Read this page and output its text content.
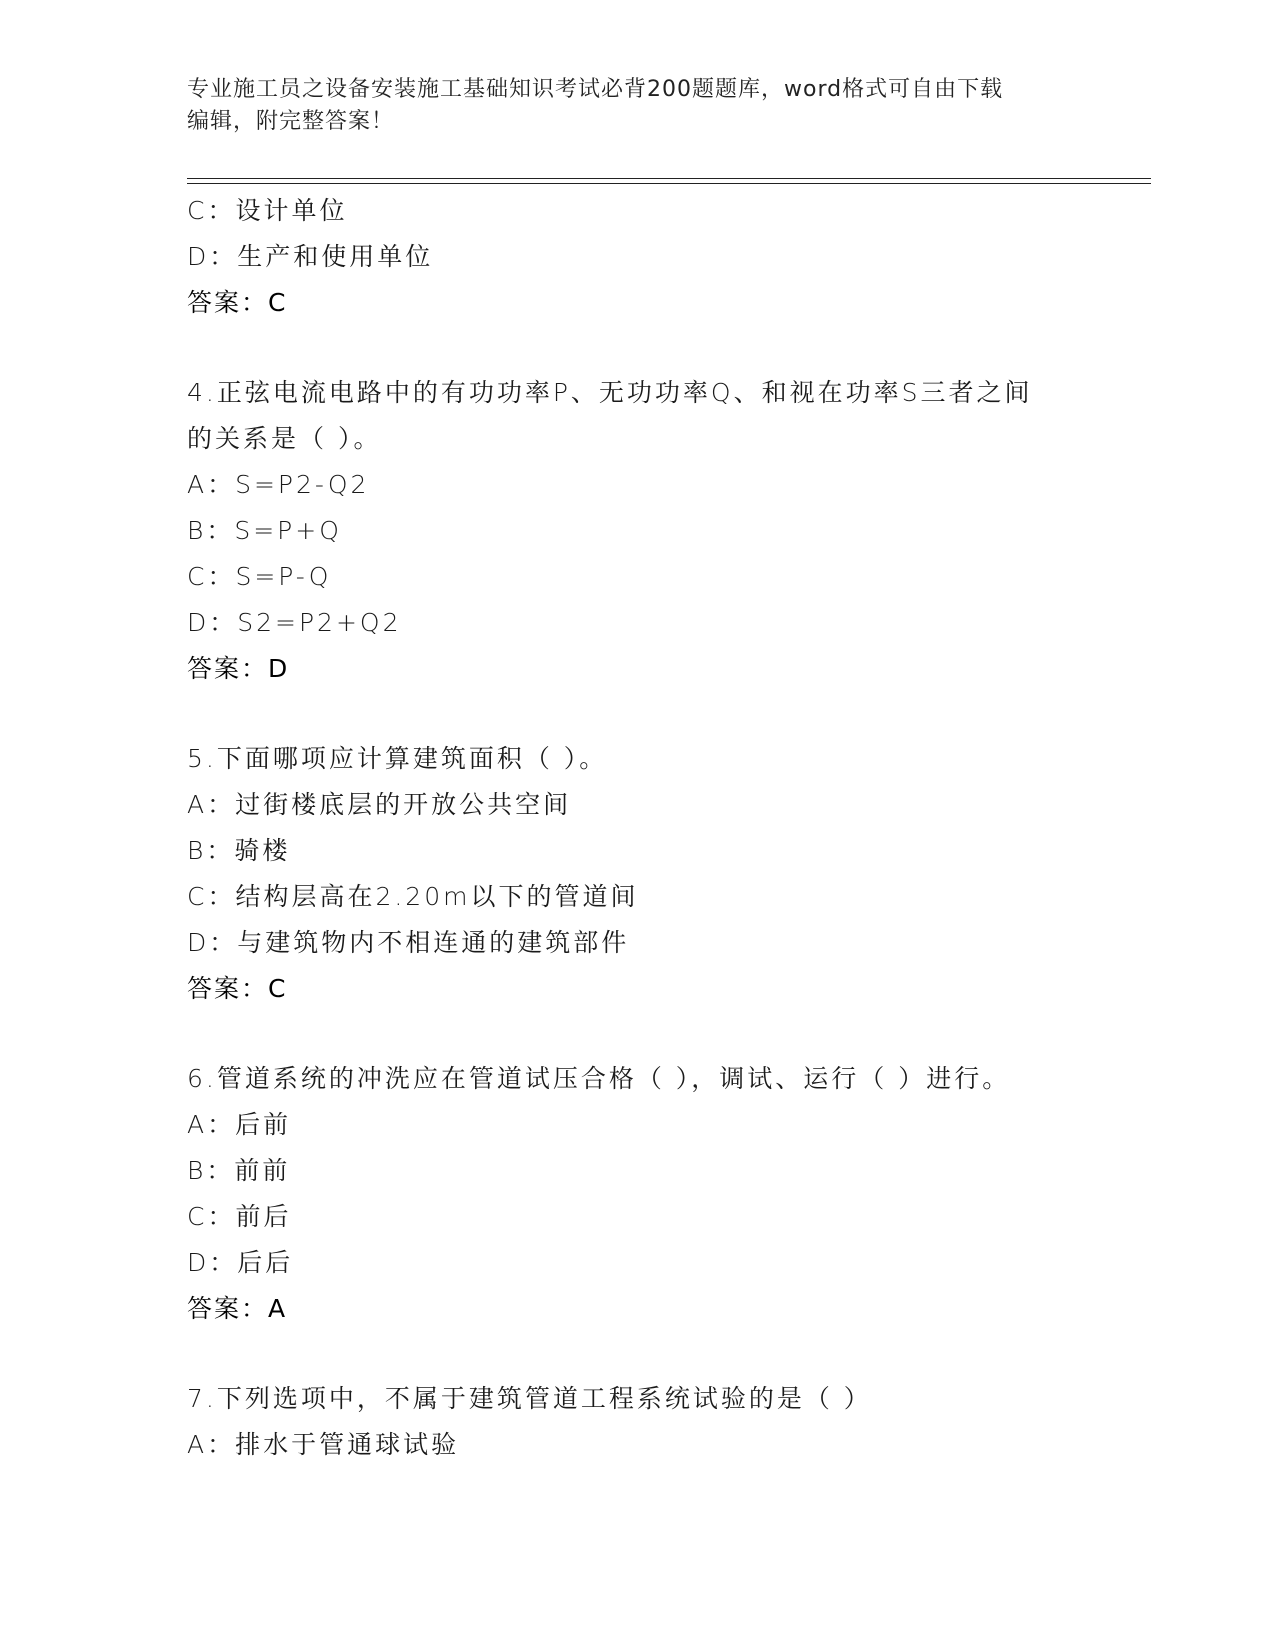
专业施工员之设备安装施工基础知识考试必背200题题库，word格式可自由下载
编辑，附完整答案！
C：设计单位
D：生产和使用单位
答案：C
4.正弦电流电路中的有功功率P、无功功率Q、和视在功率S三者之间
的关系是（ ）。
A：S=P2-Q2
B：S=P+Q
C：S=P-Q
D：S2=P2+Q2
答案：D
5.下面哪项应计算建筑面积（ ）。
A：过街楼底层的开放公共空间
B：骑楼
C：结构层高在2.20m以下的管道间
D：与建筑物内不相连通的建筑部件
答案：C
6.管道系统的冲洗应在管道试压合格（ ），调试、运行（ ）进行。
A：后前
B：前前
C：前后
D：后后
答案：A
7.下列选项中，不属于建筑管道工程系统试验的是（ ）
A：排水于管通球试验
